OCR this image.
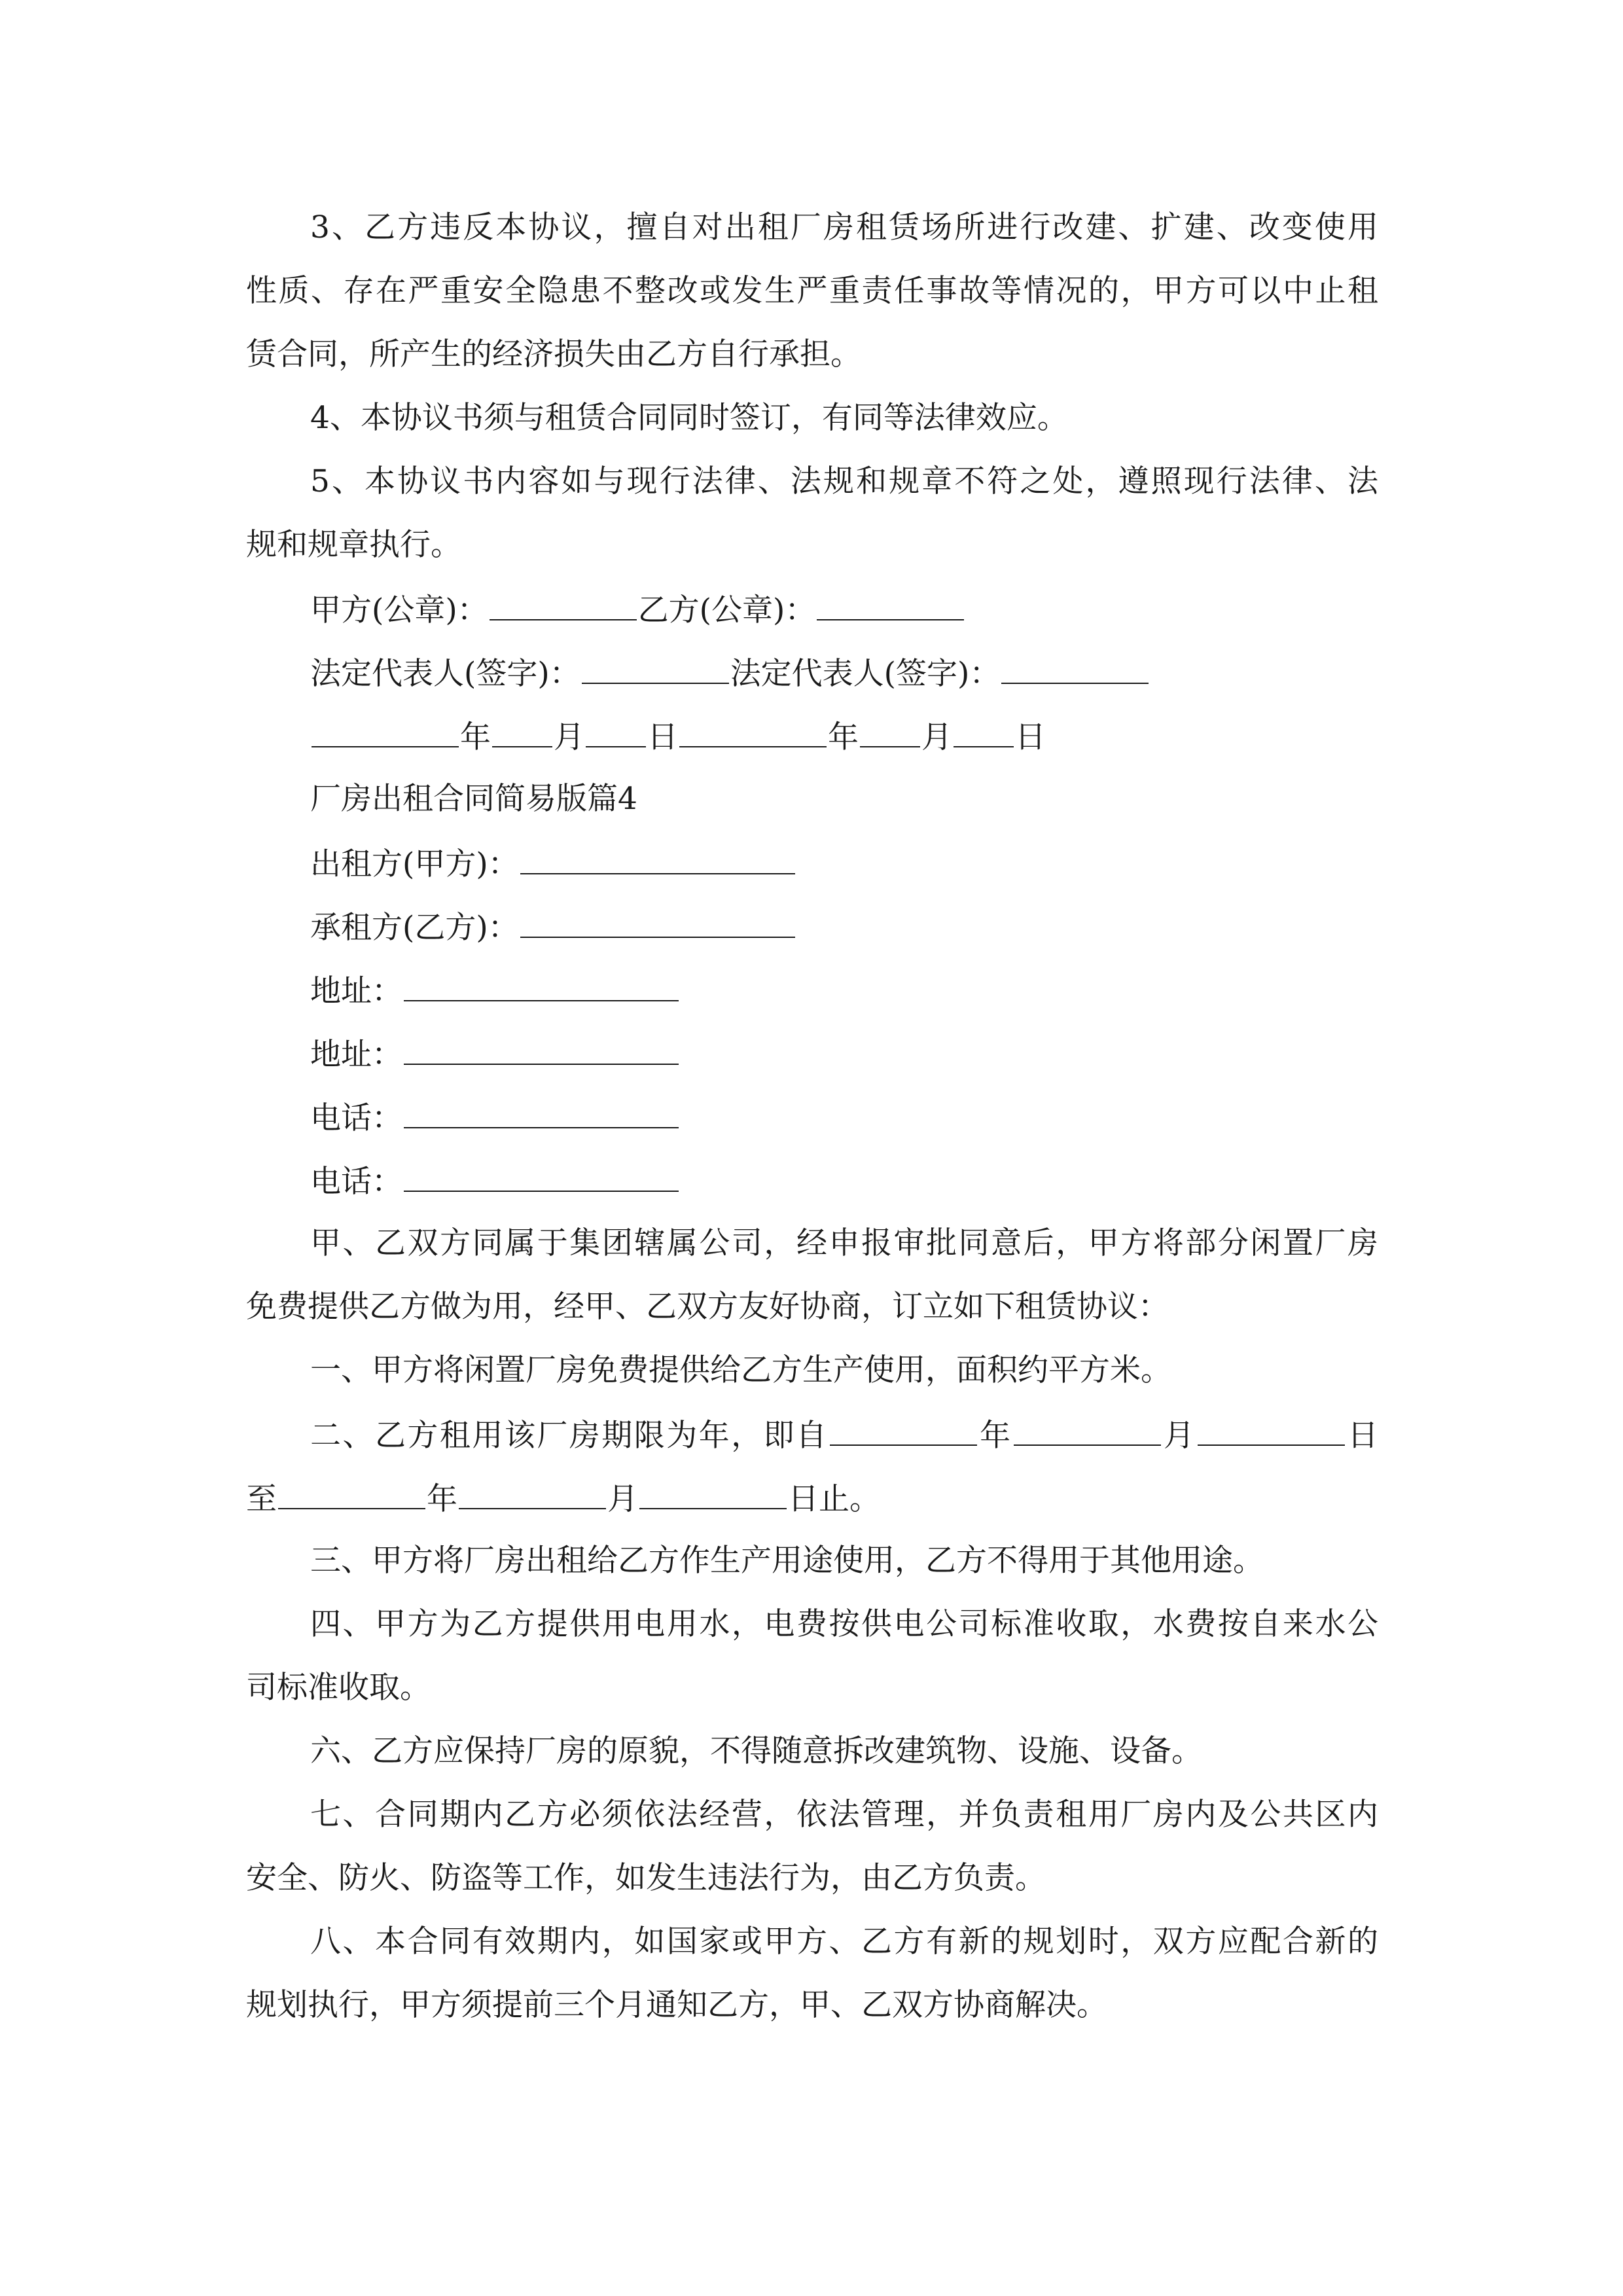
3、乙方违反本协议，擅自对出租厂房租赁场所进行改建、扩建、改变使用
性质、存在严重安全隐患不整改或发生严重责任事故等情况的，甲方可以中止租
赁合同，所产生的经济损失由乙方自行承担。
4、本协议书须与租赁合同同时签订，有同等法律效应。
5、本协议书内容如与现行法律、法规和规章不符之处，遵照现行法律、法
规和规章执行。
甲方(公章)：	乙方(公章)：
法定代表人(签字)：	法定代表人(签字)：
年 月 日	年 月 日
厂房出租合同简易版篇4
出租方(甲方)：
承租方(乙方)：
地址：
地址：
电话：
电话：
甲、乙双方同属于集团辖属公司，经申报审批同意后，甲方将部分闲置厂房
免费提供乙方做为用，经甲、乙双方友好协商，订立如下租赁协议：
一、甲方将闲置厂房免费提供给乙方生产使用，面积约平方米。
二、乙方租用该厂房期限为年，即自	年	月	日
至	年	月	日止。
三、甲方将厂房出租给乙方作生产用途使用，乙方不得用于其他用途。
四、甲方为乙方提供用电用水，电费按供电公司标准收取，水费按自来水公
司标准收取。
六、乙方应保持厂房的原貌，不得随意拆改建筑物、设施、设备。
七、合同期内乙方必须依法经营，依法管理，并负责租用厂房内及公共区内
安全、防火、防盗等工作，如发生违法行为，由乙方负责。
八、本合同有效期内，如国家或甲方、乙方有新的规划时，双方应配合新的
规划执行，甲方须提前三个月通知乙方，甲、乙双方协商解决。
